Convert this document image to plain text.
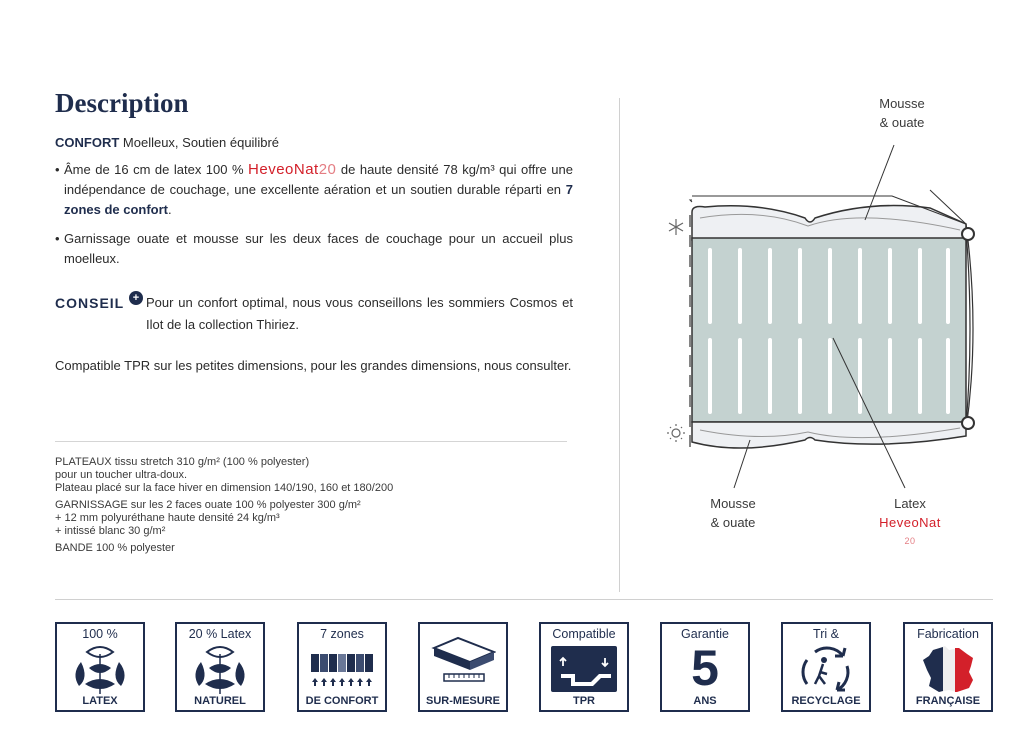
Description
CONFORT Moelleux, Soutien équilibré
• Âme de 16 cm de latex 100 % HeveoNat20 de haute densité 78 kg/m³ qui offre une indépendance de couchage, une excellente aération et un soutien durable réparti en 7 zones de confort.
• Garnissage ouate et mousse sur les deux faces de couchage pour un accueil plus moelleux.
CONSEIL + Pour un confort optimal, nous vous conseillons les sommiers Cosmos et Ilot de la collection Thiriez.
Compatible TPR sur les petites dimensions, pour les grandes dimensions, nous consulter.
PLATEAUX tissu stretch 310 g/m² (100 % polyester)
pour un toucher ultra-doux.
Plateau placé sur la face hiver en dimension 140/190, 160 et 180/200
GARNISSAGE sur les 2 faces ouate 100 % polyester 300 g/m²
+ 12 mm polyuréthane haute densité 24 kg/m³
+ intissé blanc 30 g/m²
BANDE 100 % polyester
Mousse
& ouate
Mousse
& ouate
Latex
HeveoNat
20
100 %
LATEX
20 % Latex
NATUREL
7 zones
DE CONFORT	SUR-MESURE
Compatible
TPR
Garantie
5
ANS
Tri &
RECYCLAGE
Fabrication
FRANÇAISE
